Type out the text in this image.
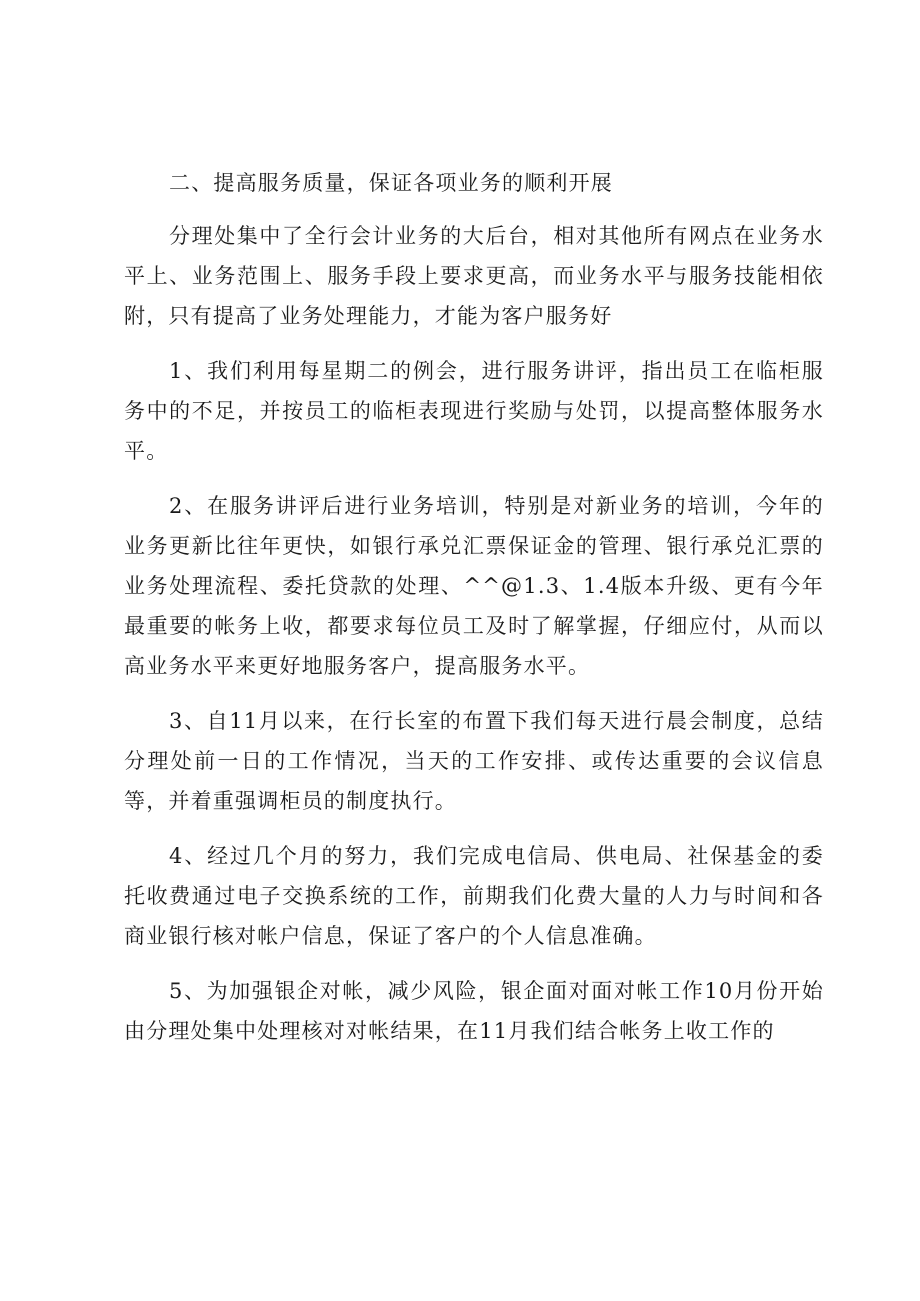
二、提高服务质量，保证各项业务的顺利开展

分理处集中了全行会计业务的大后台，相对其他所有网点在业务水平上、业务范围上、服务手段上要求更高，而业务水平与服务技能相依附，只有提高了业务处理能力，才能为客户服务好

1、我们利用每星期二的例会，进行服务讲评，指出员工在临柜服务中的不足，并按员工的临柜表现进行奖励与处罚，以提高整体服务水平。

2、在服务讲评后进行业务培训，特别是对新业务的培训，今年的业务更新比往年更快，如银行承兑汇票保证金的管理、银行承兑汇票的业务处理流程、委托贷款的处理、^^@1.3、1.4版本升级、更有今年最重要的帐务上收，都要求每位员工及时了解掌握，仔细应付，从而以高业务水平来更好地服务客户，提高服务水平。

3、自11月以来，在行长室的布置下我们每天进行晨会制度，总结分理处前一日的工作情况，当天的工作安排、或传达重要的会议信息等，并着重强调柜员的制度执行。

4、经过几个月的努力，我们完成电信局、供电局、社保基金的委托收费通过电子交换系统的工作，前期我们化费大量的人力与时间和各商业银行核对帐户信息，保证了客户的个人信息准确。

5、为加强银企对帐，减少风险，银企面对面对帐工作10月份开始由分理处集中处理核对对帐结果，在11月我们结合帐务上收工作的
